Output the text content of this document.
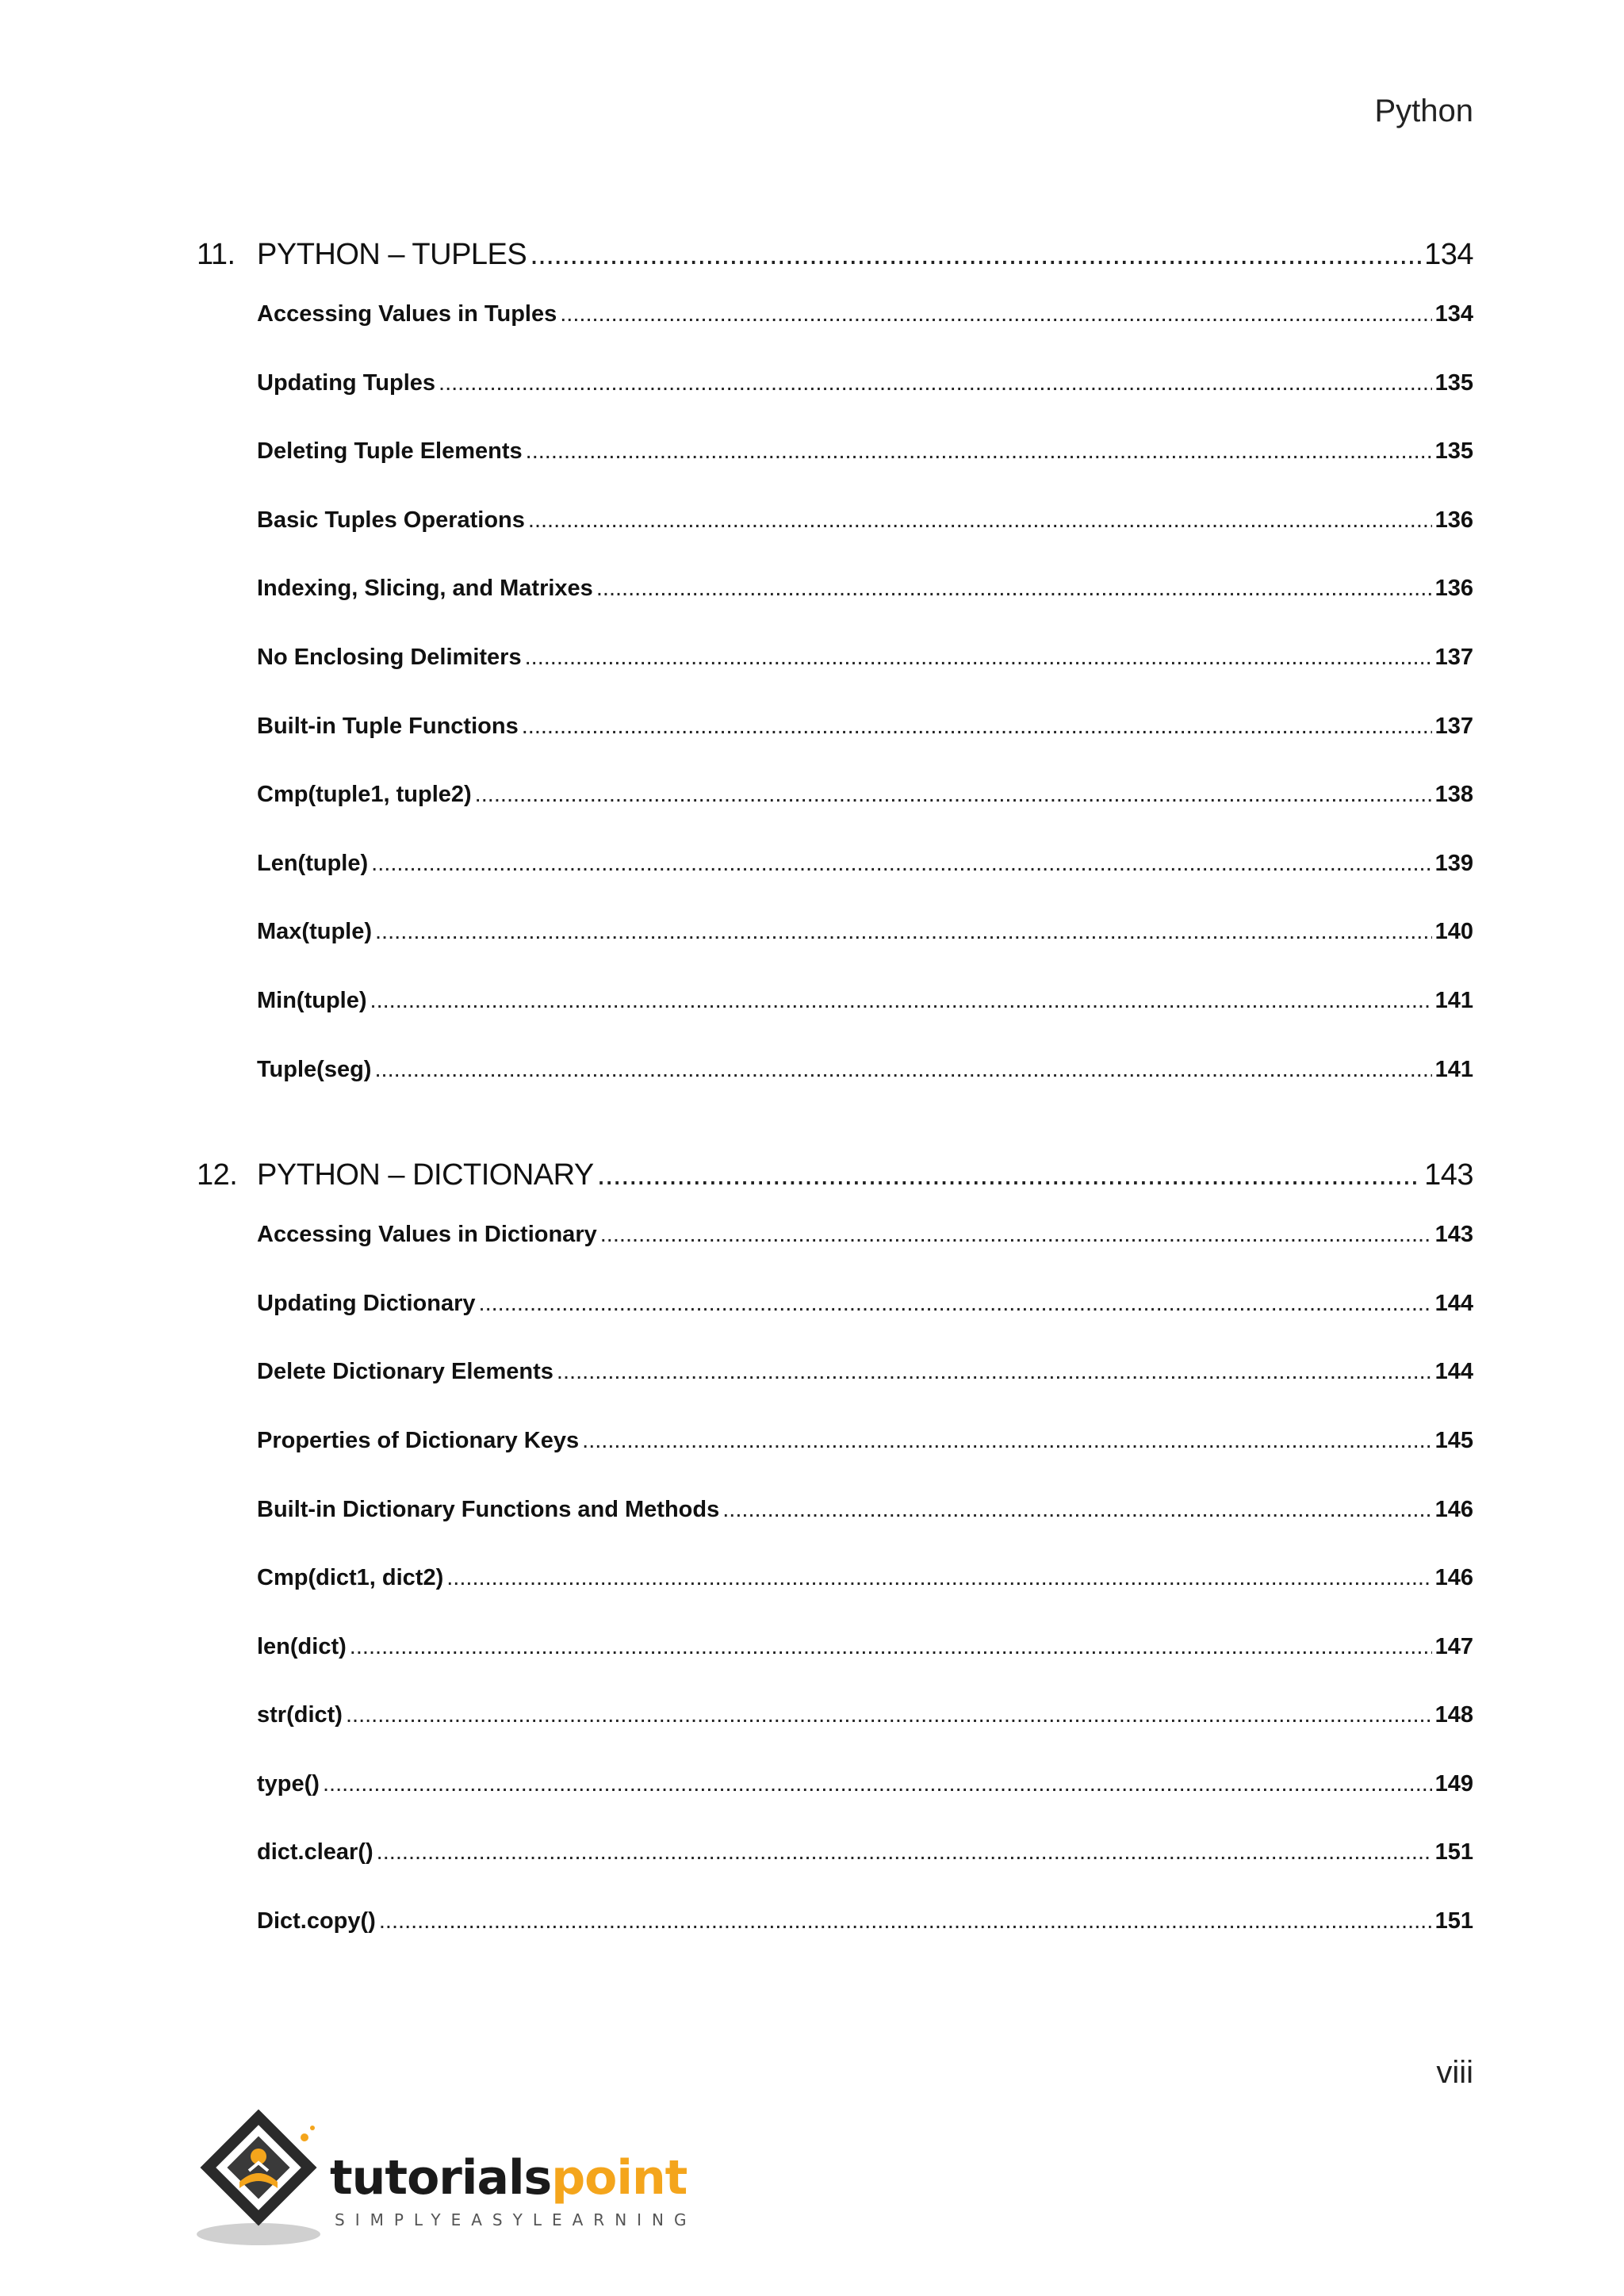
Python
11. PYTHON – TUPLES .....	134
Accessing Values in Tuples .....	134
Updating Tuples .....	135
Deleting Tuple Elements .....	135
Basic Tuples Operations .....	136
Indexing, Slicing, and Matrixes .....	136
No Enclosing Delimiters .....	137
Built-in Tuple Functions .....	137
Cmp(tuple1, tuple2) .....	138
Len(tuple) .....	139
Max(tuple) .....	140
Min(tuple) .....	141
Tuple(seg) .....	141
12. PYTHON – DICTIONARY .....	143
Accessing Values in Dictionary .....	143
Updating Dictionary .....	144
Delete Dictionary Elements .....	144
Properties of Dictionary Keys .....	145
Built-in Dictionary Functions and Methods .....	146
Cmp(dict1, dict2) .....	146
len(dict) .....	147
str(dict) .....	148
type() .....	149
dict.clear() .....	151
Dict.copy() .....	151
viii
tutorialspoint
SIMPLYEASYLEARNING
